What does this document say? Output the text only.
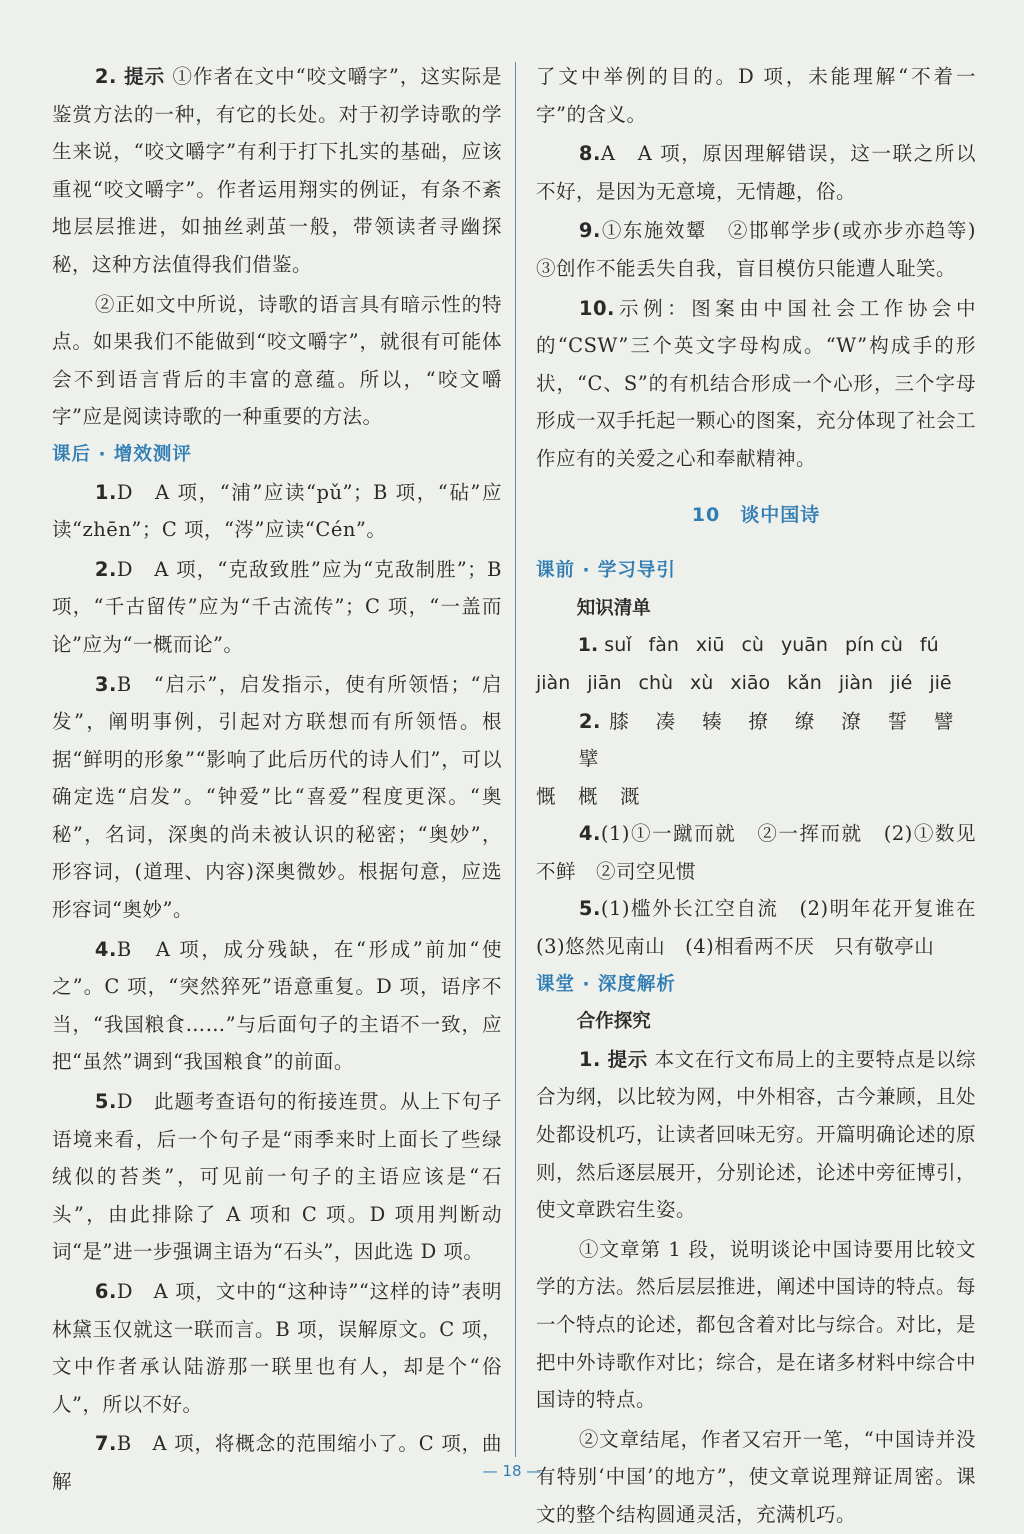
2. 提示 ①作者在文中“咬文嚼字”，这实际是鉴赏方法的一种，有它的长处。对于初学诗歌的学生来说，“咬文嚼字”有利于打下扎实的基础，应该重视“咬文嚼字”。作者运用翔实的例证，有条不紊地层层推进，如抽丝剥茧一般，带领读者寻幽探秘，这种方法值得我们借鉴。

②正如文中所说，诗歌的语言具有暗示性的特点。如果我们不能做到“咬文嚼字”，就很有可能体会不到语言背后的丰富的意蕴。所以，“咬文嚼字”应是阅读诗歌的一种重要的方法。

课后 · 增效测评

1.D　A 项，“浦”应读“pǔ”；B 项，“砧”应读“zhēn”；C 项，“涔”应读“Cén”。

2.D　A 项，“克敌致胜”应为“克敌制胜”；B 项，“千古留传”应为“千古流传”；C 项，“一盖而论”应为“一概而论”。

3.B　“启示”，启发指示，使有所领悟；“启发”，阐明事例，引起对方联想而有所领悟。根据“鲜明的形象”“影响了此后历代的诗人们”，可以确定选“启发”。“钟爱”比“喜爱”程度更深。“奥秘”，名词，深奥的尚未被认识的秘密；“奥妙”，形容词，(道理、内容)深奥微妙。根据句意，应选形容词“奥妙”。

4.B　A 项，成分残缺，在“形成”前加“使之”。C 项，“突然猝死”语意重复。D 项，语序不当，“我国粮食……”与后面句子的主语不一致，应把“虽然”调到“我国粮食”的前面。

5.D　此题考查语句的衔接连贯。从上下句子语境来看，后一个句子是“雨季来时上面长了些绿绒似的苔类”，可见前一句子的主语应该是“石头”，由此排除了 A 项和 C 项。D 项用判断动词“是”进一步强调主语为“石头”，因此选 D 项。

6.D　A 项，文中的“这种诗”“这样的诗”表明林黛玉仅就这一联而言。B 项，误解原文。C 项，文中作者承认陆游那一联里也有人，却是个“俗人”，所以不好。

7.B　A 项，将概念的范围缩小了。C 项，曲解

了文中举例的目的。D 项，未能理解“不着一字”的含义。

8.A　A 项，原因理解错误，这一联之所以不好，是因为无意境，无情趣，俗。

9.①东施效颦　②邯郸学步(或亦步亦趋等)　③创作不能丢失自我，盲目模仿只能遭人耻笑。

10.示例：图案由中国社会工作协会中的“CSW”三个英文字母构成。“W”构成手的形状，“C、S”的有机结合形成一个心形，三个字母形成一双手托起一颗心的图案，充分体现了社会工作应有的关爱之心和奉献精神。

10　谈中国诗
课前 · 学习导引
知识清单
1. suǐ fàn xiū cù yuān pín cù fú
jiàn jiān chù xù xiāo kǎn jiàn jié jiē

2. 膝 凑 辏 撩 缭 潦 誓 譬擘

慨 概 溉

4.(1)①一蹴而就　②一挥而就　(2)①数见不鲜　②司空见惯

5.(1)槛外长江空自流　(2)明年花开复谁在　(3)悠然见南山　(4)相看两不厌　只有敬亭山

课堂 · 深度解析
合作探究

1. 提示 本文在行文布局上的主要特点是以综合为纲，以比较为网，中外相容，古今兼顾，且处处都设机巧，让读者回味无穷。开篇明确论述的原则，然后逐层展开，分别论述，论述中旁征博引，使文章跌宕生姿。

①文章第 1 段，说明谈论中国诗要用比较文学的方法。然后层层推进，阐述中国诗的特点。每一个特点的论述，都包含着对比与综合。对比，是把中外诗歌作对比；综合，是在诸多材料中综合中国诗的特点。

②文章结尾，作者又宕开一笔，“中国诗并没有特别‘中国’的地方”，使文章说理辩证周密。课文的整个结构圆通灵活，充满机巧。

— 18 —
